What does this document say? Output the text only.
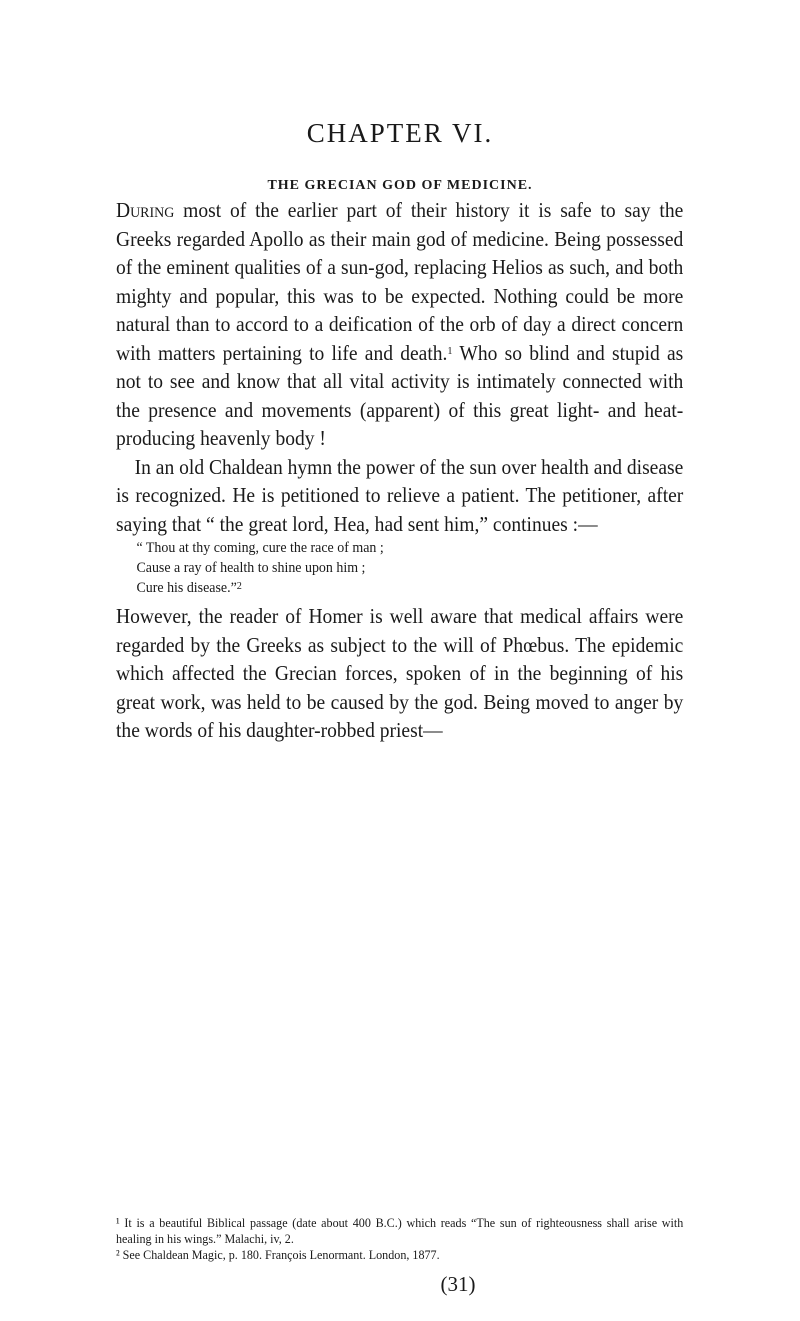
CHAPTER VI.
THE GRECIAN GOD OF MEDICINE.

During most of the earlier part of their history it is safe to say the Greeks regarded Apollo as their main god of medicine. Being possessed of the eminent qualities of a sun-god, replacing Helios as such, and both mighty and popular, this was to be expected. Nothing could be more natural than to accord to a deification of the orb of day a direct concern with matters pertaining to life and death.$^1$ Who so blind and stupid as not to see and know that all vital activity is intimately connected with the presence and movements (apparent) of this great light- and heat- producing heavenly body !

In an old Chaldean hymn the power of the sun over health and disease is recognized. He is petitioned to relieve a patient. The petitioner, after saying that “ the great lord, Hea, had sent him,” continues :—

“ Thou at thy coming, cure the race of man ;
Cause a ray of health to shine upon him ;
Cure his disease.”$^2$

However, the reader of Homer is well aware that medical affairs were regarded by the Greeks as subject to the will of Phœbus. The epidemic which affected the Grecian forces, spoken of in the beginning of his great work, was held to be caused by the god. Being moved to anger by the words of his daughter-robbed priest—

¹ It is a beautiful Biblical passage (date about 400 B.C.) which reads “The sun of righteousness shall arise with healing in his wings.” Malachi, iv, 2.

² See Chaldean Magic, p. 180. François Lenormant. London, 1877.

(31)
